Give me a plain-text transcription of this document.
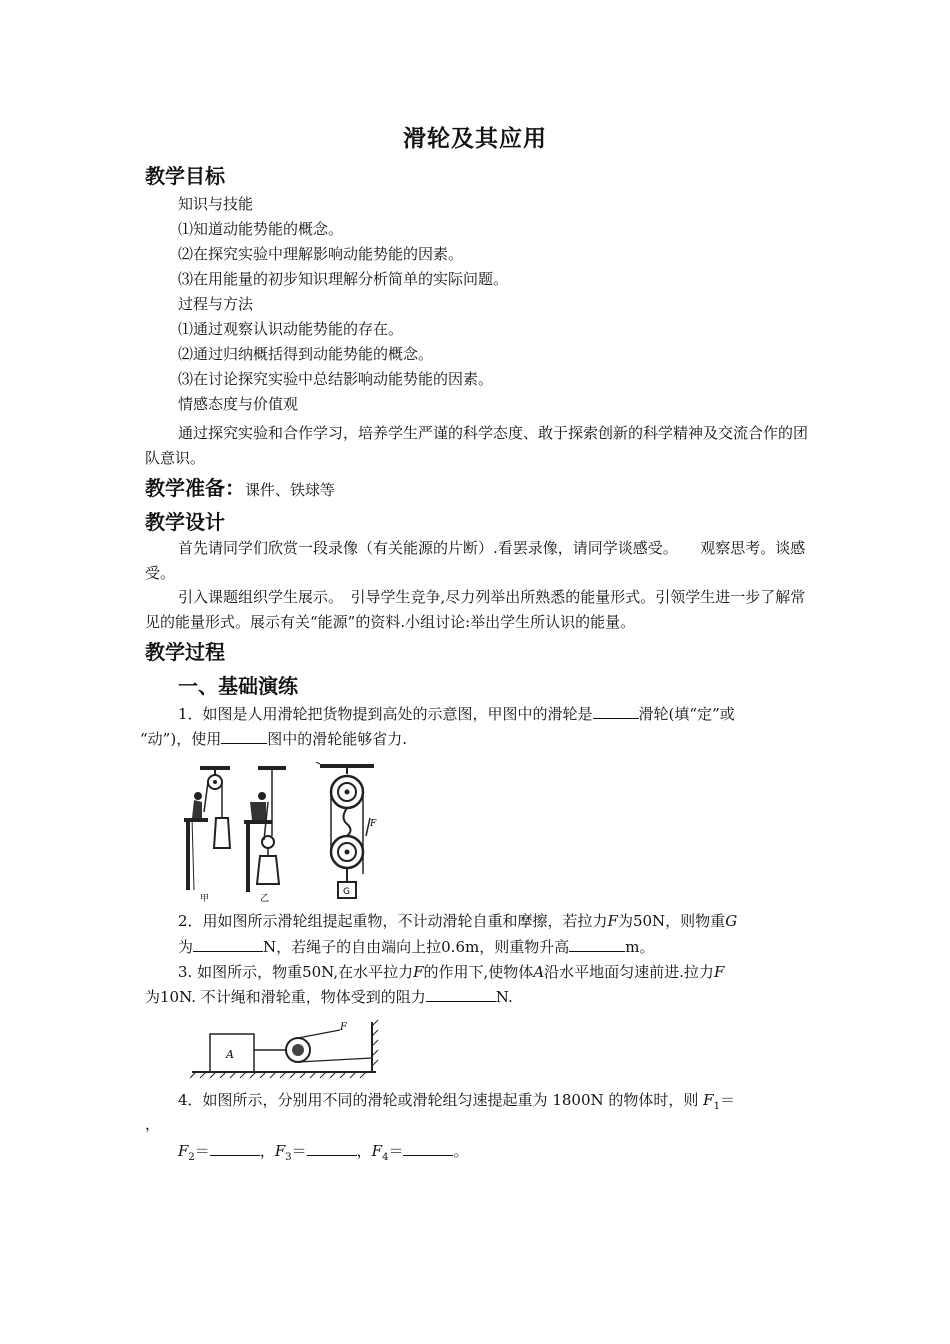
滑轮及其应用
教学目标
知识与技能
⑴知道动能势能的概念。
⑵在探究实验中理解影响动能势能的因素。
⑶在用能量的初步知识理解分析简单的实际问题。
过程与方法
⑴通过观察认识动能势能的存在。
⑵通过归纳概括得到动能势能的概念。
⑶在讨论探究实验中总结影响动能势能的因素。
情感态度与价值观
通过探究实验和合作学习，培养学生严谨的科学态度、敢于探索创新的科学精神及交流合作的团队意识。
教学准备：课件、铁球等
教学设计
首先请同学们欣赏一段录像（有关能源的片断）.看罢录像，请同学谈感受。　　观察思考。谈感受。
引入课题组织学生展示。　引导学生竞争,尽力列举出所熟悉的能量形式。引领学生进一步了解常见的能量形式。展示有关“能源”的资料.小组讨论:举出学生所认识的能量。
教学过程
一、基础演练
1．如图是人用滑轮把货物提到高处的示意图，甲图中的滑轮是	滑轮(填“定”或
“动”)，使用	图中的滑轮能够省力.
甲	乙
F
G
2．用如图所示滑轮组提起重物，不计动滑轮自重和摩擦，若拉力F为50N，则物重G
为	N，若绳子的自由端向上拉0.6m，则重物升高	m。
3. 如图所示，物重50N,在水平拉力F的作用下,使物体A沿水平地面匀速前进.拉力F
为10N. 不计绳和滑轮重，物体受到的阻力	N.
A
F
4．如图所示，分别用不同的滑轮或滑轮组匀速提起重为 1800N 的物体时，则 $F_1=$
，
$F_2=$	，$F_3=$	，$F_4=$	。
